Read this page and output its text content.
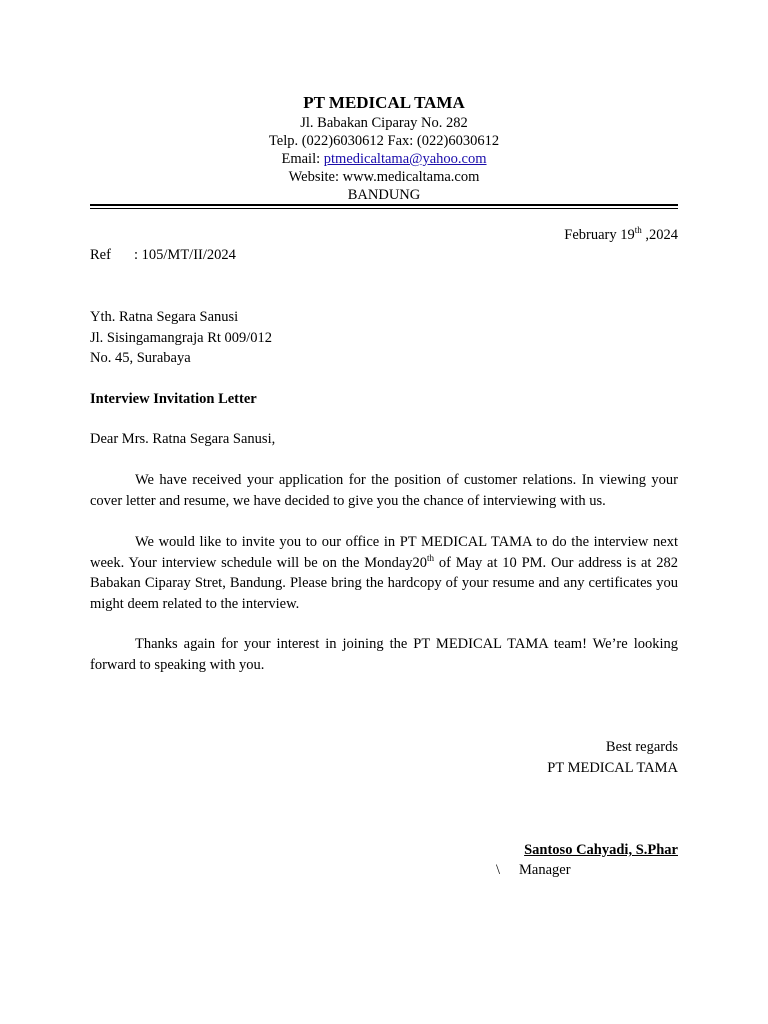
PT MEDICAL TAMA
Jl. Babakan Ciparay No. 282
Telp. (022)6030612 Fax: (022)6030612
Email: ptmedicaltama@yahoo.com
Website: www.medicaltama.com
BANDUNG
February 19th ,2024
Ref : 105/MT/II/2024
Yth. Ratna Segara Sanusi
Jl. Sisingamangraja Rt 009/012
No. 45, Surabaya
Interview Invitation Letter
Dear Mrs. Ratna Segara Sanusi,
We have received your application for the position of customer relations. In viewing your cover letter and resume, we have decided to give you the chance of interviewing with us.
We would like to invite you to our office in PT MEDICAL TAMA to do the interview next week. Your interview schedule will be on the Monday20th of May at 10 PM. Our address is at 282 Babakan Ciparay Stret, Bandung. Please bring the hardcopy of your resume and any certificates you might deem related to the interview.
Thanks again for your interest in joining the PT MEDICAL TAMA team! We’re looking forward to speaking with you.
Best regards
PT MEDICAL TAMA
Santoso Cahyadi, S.Phar
\ Manager
